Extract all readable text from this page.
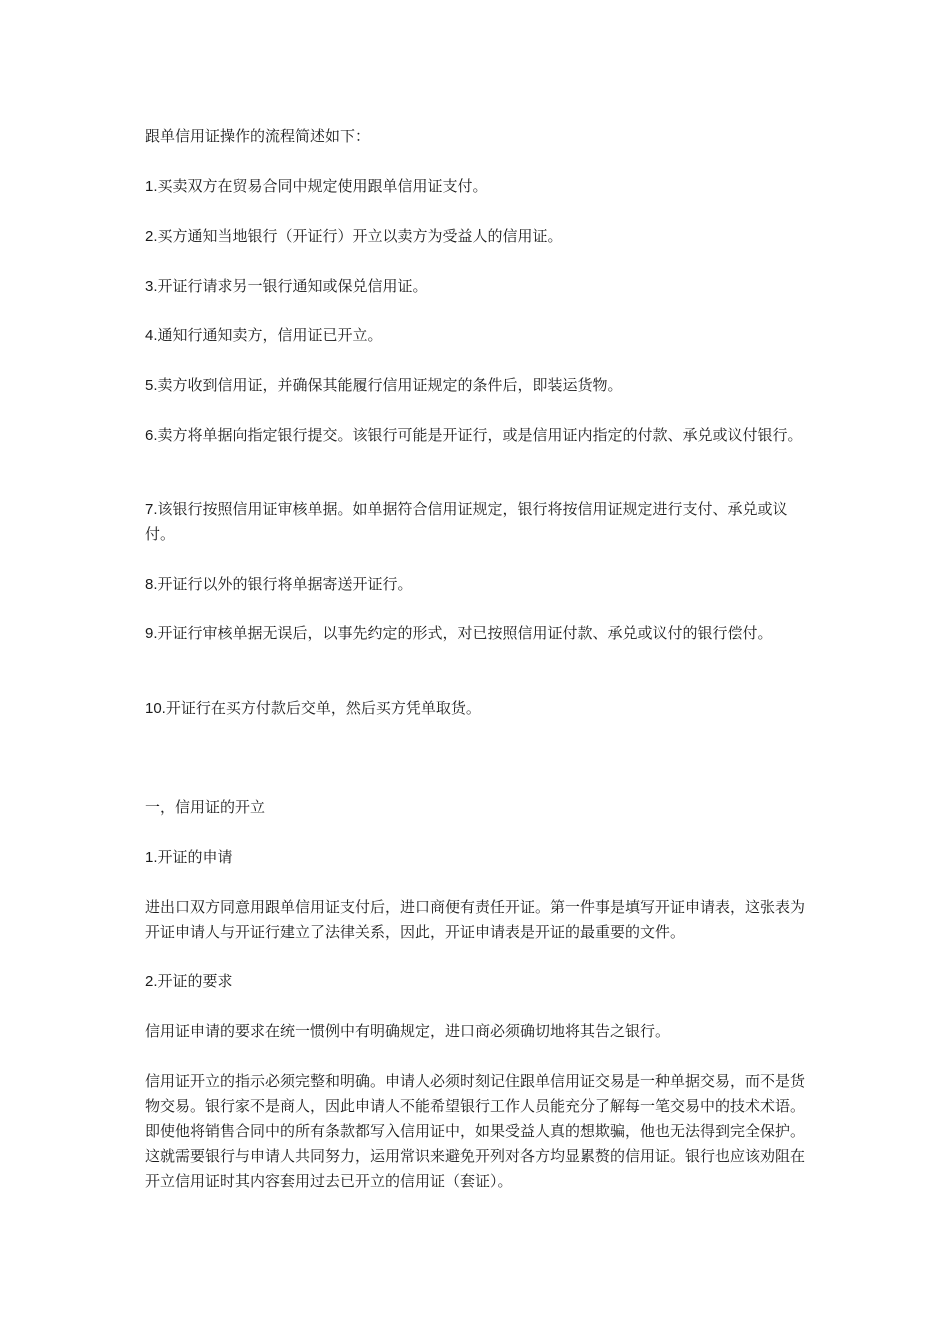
跟单信用证操作的流程简述如下：

1.买卖双方在贸易合同中规定使用跟单信用证支付。

2.买方通知当地银行（开证行）开立以卖方为受益人的信用证。

3.开证行请求另一银行通知或保兑信用证。

4.通知行通知卖方，信用证已开立。

5.卖方收到信用证，并确保其能履行信用证规定的条件后，即装运货物。

6.卖方将单据向指定银行提交。该银行可能是开证行，或是信用证内指定的付款、承兑或议付银行。

7.该银行按照信用证审核单据。如单据符合信用证规定，银行将按信用证规定进行支付、承兑或议付。

8.开证行以外的银行将单据寄送开证行。

9.开证行审核单据无误后，以事先约定的形式，对已按照信用证付款、承兑或议付的银行偿付。

10.开证行在买方付款后交单，然后买方凭单取货。

一，信用证的开立

1.开证的申请

进出口双方同意用跟单信用证支付后，进口商便有责任开证。第一件事是填写开证申请表，这张表为开证申请人与开证行建立了法律关系，因此，开证申请表是开证的最重要的文件。

2.开证的要求

信用证申请的要求在统一惯例中有明确规定，进口商必须确切地将其告之银行。

信用证开立的指示必须完整和明确。申请人必须时刻记住跟单信用证交易是一种单据交易，而不是货物交易。银行家不是商人，因此申请人不能希望银行工作人员能充分了解每一笔交易中的技术术语。即使他将销售合同中的所有条款都写入信用证中，如果受益人真的想欺骗，他也无法得到完全保护。这就需要银行与申请人共同努力，运用常识来避免开列对各方均显累赘的信用证。银行也应该劝阻在开立信用证时其内容套用过去已开立的信用证（套证）。
